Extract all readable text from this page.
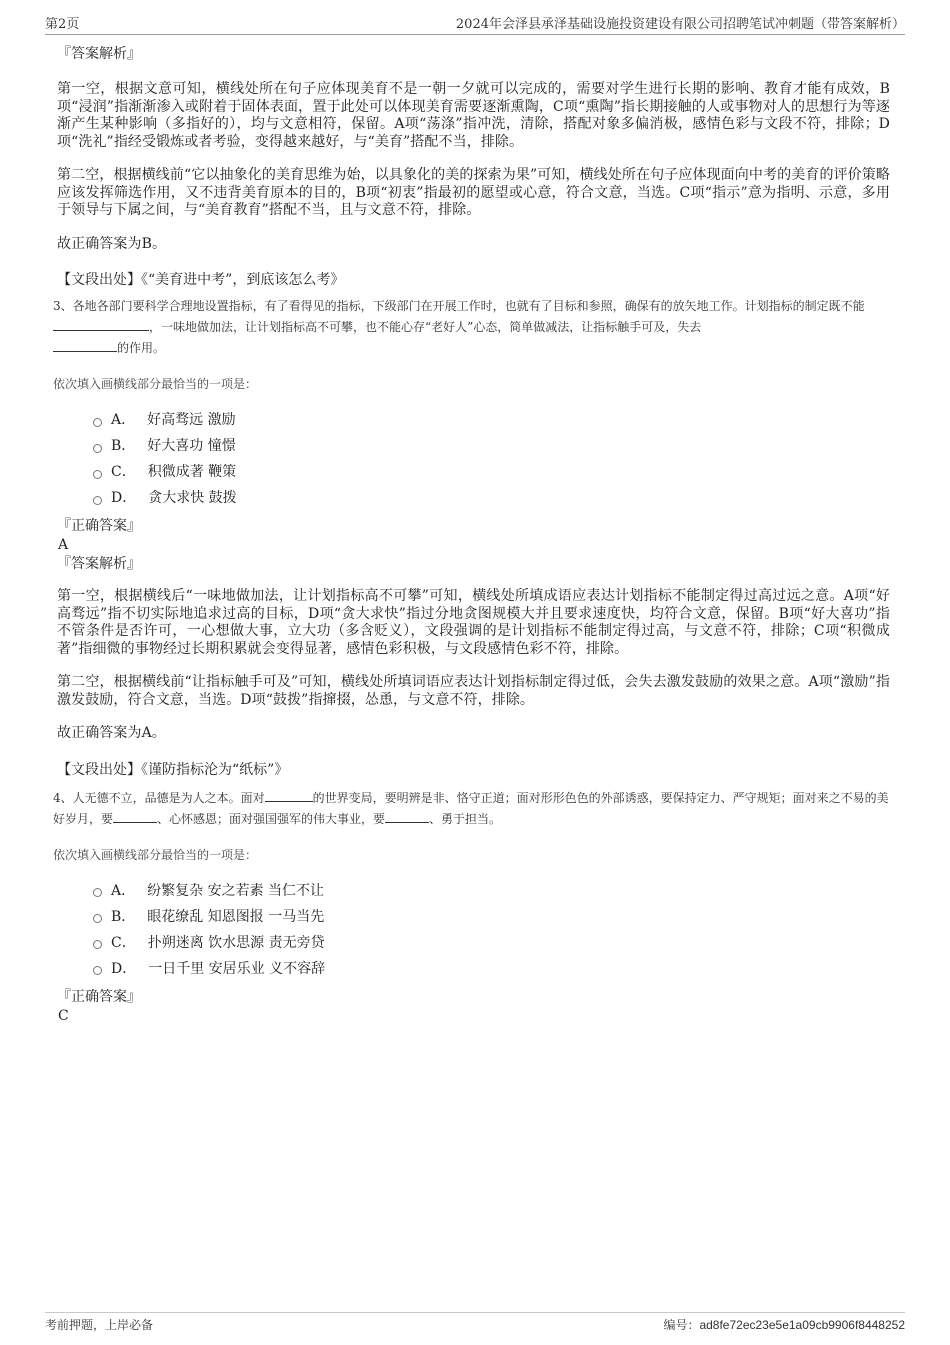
第2页	2024年会泽县承泽基础设施投资建设有限公司招聘笔试冲刺题（带答案解析）

『答案解析』

第一空，根据文意可知，横线处所在句子应体现美育不是一朝一夕就可以完成的，需要对学生进行长期的影响、教育才能有成效，B项“浸润”指渐渐渗入或附着于固体表面，置于此处可以体现美育需要逐渐熏陶，C项“熏陶”指长期接触的人或事物对人的思想行为等逐渐产生某种影响（多指好的），均与文意相符，保留。A项“荡涤”指冲洗，清除，搭配对象多偏消极，感情色彩与文段不符，排除；D项“洗礼”指经受锻炼或者考验，变得越来越好，与“美育”搭配不当，排除。

第二空，根据横线前“它以抽象化的美育思维为始，以具象化的美的探索为果”可知，横线处所在句子应体现面向中考的美育的评价策略应该发挥筛选作用，又不违背美育原本的目的，B项“初衷”指最初的愿望或心意，符合文意，当选。C项“指示”意为指明、示意，多用于领导与下属之间，与“美育教育”搭配不当，且与文意不符，排除。

故正确答案为B。

【文段出处】《“美育进中考”，到底该怎么考》

3、各地各部门要科学合理地设置指标，有了看得见的指标，下级部门在开展工作时，也就有了目标和参照，确保有的放矢地工作。计划指标的制定既不能，一味地做加法，让计划指标高不可攀，也不能心存“老好人”心态，简单做减法，让指标触手可及，失去
的作用。

依次填入画横线部分最恰当的一项是：

A． 好高骛远 激励
B． 好大喜功 憧憬
C． 积微成著 鞭策
D． 贪大求快 鼓拨

『正确答案』

A

『答案解析』

第一空，根据横线后“一味地做加法，让计划指标高不可攀”可知，横线处所填成语应表达计划指标不能制定得过高过远之意。A项“好高骛远”指不切实际地追求过高的目标，D项“贪大求快”指过分地贪图规模大并且要求速度快，均符合文意，保留。B项“好大喜功”指不管条件是否许可，一心想做大事，立大功（多含贬义），文段强调的是计划指标不能制定得过高，与文意不符，排除；C项“积微成著”指细微的事物经过长期积累就会变得显著，感情色彩积极，与文段感情色彩不符，排除。

第二空，根据横线前“让指标触手可及”可知，横线处所填词语应表达计划指标制定得过低，会失去激发鼓励的效果之意。A项“激励”指激发鼓励，符合文意，当选。D项“鼓拨”指撺掇，怂恿，与文意不符，排除。

故正确答案为A。

【文段出处】《谨防指标沦为“纸标”》

4、人无德不立，品德是为人之本。面对	的世界变局，要明辨是非、恪守正道；面对形形色色的外部诱惑，要保持定力、严守规矩；面对来之不易的美好岁月，要	、心怀感恩；面对强国强军的伟大事业，要	、勇于担当。

依次填入画横线部分最恰当的一项是：

A． 纷繁复杂 安之若素 当仁不让
B． 眼花缭乱 知恩图报 一马当先
C． 扑朔迷离 饮水思源 责无旁贷
D． 一日千里 安居乐业 义不容辞

『正确答案』

C

考前押题，上岸必备	编号：ad8fe72ec23e5e1a09cb9906f8448252
